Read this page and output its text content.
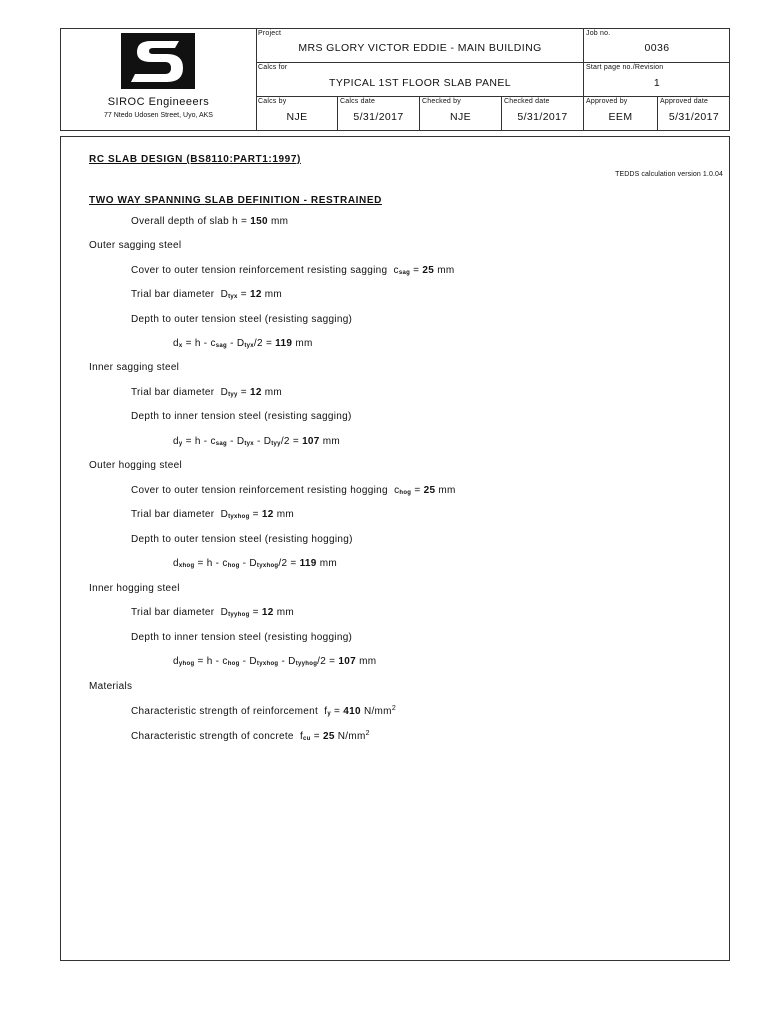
SIROC Engineeers
77 Ntedo Udosen Street, Uyo, AKS
Project
MRS GLORY VICTOR EDDIE - MAIN BUILDING
Job no.
0036
Calcs for
TYPICAL 1ST FLOOR SLAB PANEL
Start page no./Revision
1
Calcs by
NJE
Calcs date
5/31/2017
Checked by
NJE
Checked date
5/31/2017
Approved by
EEM
Approved date
5/31/2017
RC SLAB DESIGN (BS8110:PART1:1997)
TEDDS calculation version 1.0.04
TWO WAY SPANNING SLAB DEFINITION - RESTRAINED
Overall depth of slab h = 150 mm
Outer sagging steel
Cover to outer tension reinforcement resisting sagging $c_{sag} = 25$ mm
Trial bar diameter $D_{tyx} = 12$ mm
Depth to outer tension steel (resisting sagging)
$d_x = h - c_{sag} - D_{tyx}/2 = 119$ mm
Inner sagging steel
Trial bar diameter $D_{tyy} = 12$ mm
Depth to inner tension steel (resisting sagging)
$d_y = h - c_{sag} - D_{tyx} - D_{tyy}/2 = 107$ mm
Outer hogging steel
Cover to outer tension reinforcement resisting hogging $c_{hog} = 25$ mm
Trial bar diameter $D_{tyxhog} = 12$ mm
Depth to outer tension steel (resisting hogging)
$d_{xhog} = h - c_{hog} - D_{tyxhog}/2 = 119$ mm
Inner hogging steel
Trial bar diameter $D_{tyyhog} = 12$ mm
Depth to inner tension steel (resisting hogging)
$d_{yhog} = h - c_{hog} - D_{tyxhog} - D_{tyyhog}/2 = 107$ mm
Materials
Characteristic strength of reinforcement  $f_y = 410$ $N/mm^2$
Characteristic strength of concrete  $f_{cu} = 25$ $N/mm^2$
